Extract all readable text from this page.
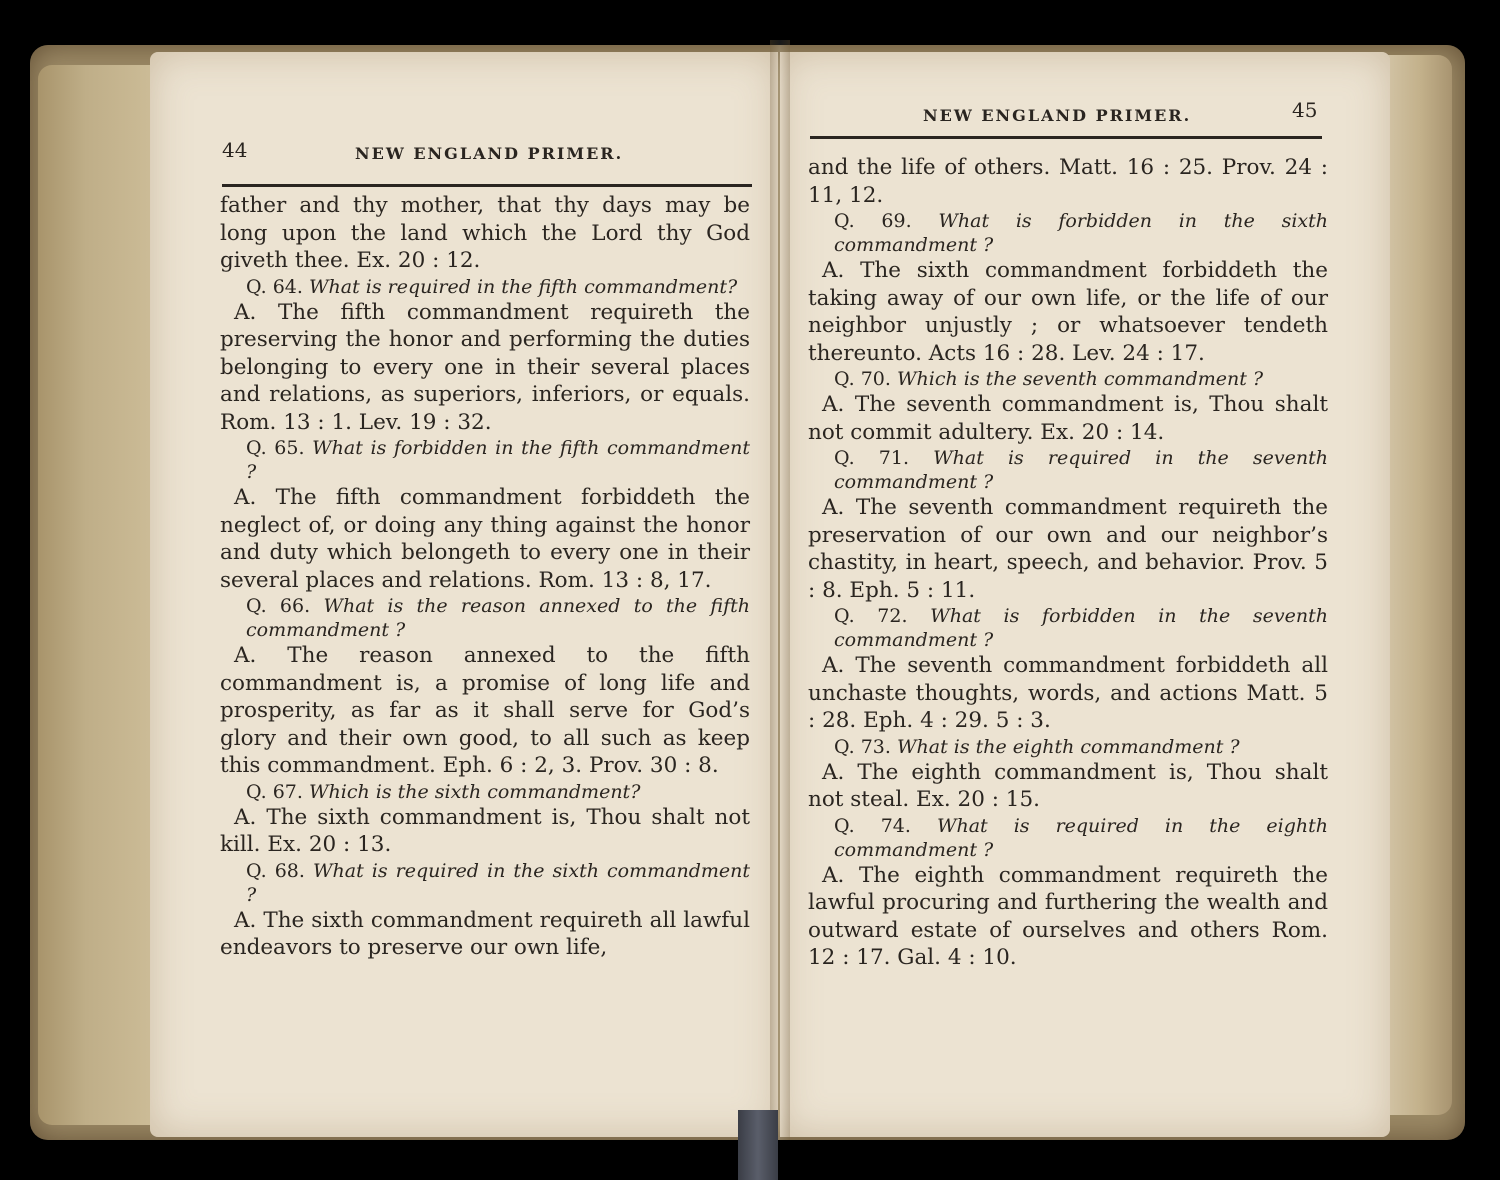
44	NEW ENGLAND PRIMER.

father and thy mother, that thy days may be long upon the land which the Lord thy God giveth thee. Ex. 20 : 12.

Q. 64. What is required in the fifth commandment?

A. The fifth commandment requireth the preserving the honor and performing the duties belonging to every one in their several places and relations, as superiors, inferiors, or equals. Rom. 13 : 1. Lev. 19 : 32.

Q. 65. What is forbidden in the fifth commandment ?

A. The fifth commandment forbiddeth the neglect of, or doing any thing against the honor and duty which belongeth to every one in their several places and relations. Rom. 13 : 8, 17.

Q. 66. What is the reason annexed to the fifth commandment ?

A. The reason annexed to the fifth commandment is, a promise of long life and prosperity, as far as it shall serve for God’s glory and their own good, to all such as keep this commandment. Eph. 6 : 2, 3. Prov. 30 : 8.

Q. 67. Which is the sixth commandment?

A. The sixth commandment is, Thou shalt not kill. Ex. 20 : 13.

Q. 68. What is required in the sixth commandment ?

A. The sixth commandment requireth all lawful endeavors to preserve our own life,

NEW ENGLAND PRIMER.	45

and the life of others. Matt. 16 : 25. Prov. 24 : 11, 12.

Q. 69. What is forbidden in the sixth commandment ?

A. The sixth commandment forbiddeth the taking away of our own life, or the life of our neighbor unjustly ; or whatsoever tendeth thereunto. Acts 16 : 28. Lev. 24 : 17.

Q. 70. Which is the seventh commandment ?

A. The seventh commandment is, Thou shalt not commit adultery. Ex. 20 : 14.

Q. 71. What is required in the seventh commandment ?

A. The seventh commandment requireth the preservation of our own and our neighbor’s chastity, in heart, speech, and behavior. Prov. 5 : 8. Eph. 5 : 11.

Q. 72. What is forbidden in the seventh commandment ?

A. The seventh commandment forbiddeth all unchaste thoughts, words, and actions Matt. 5 : 28. Eph. 4 : 29. 5 : 3.

Q. 73. What is the eighth commandment ?

A. The eighth commandment is, Thou shalt not steal. Ex. 20 : 15.

Q. 74. What is required in the eighth commandment ?

A. The eighth commandment requireth the lawful procuring and furthering the wealth and outward estate of ourselves and others Rom. 12 : 17. Gal. 4 : 10.
